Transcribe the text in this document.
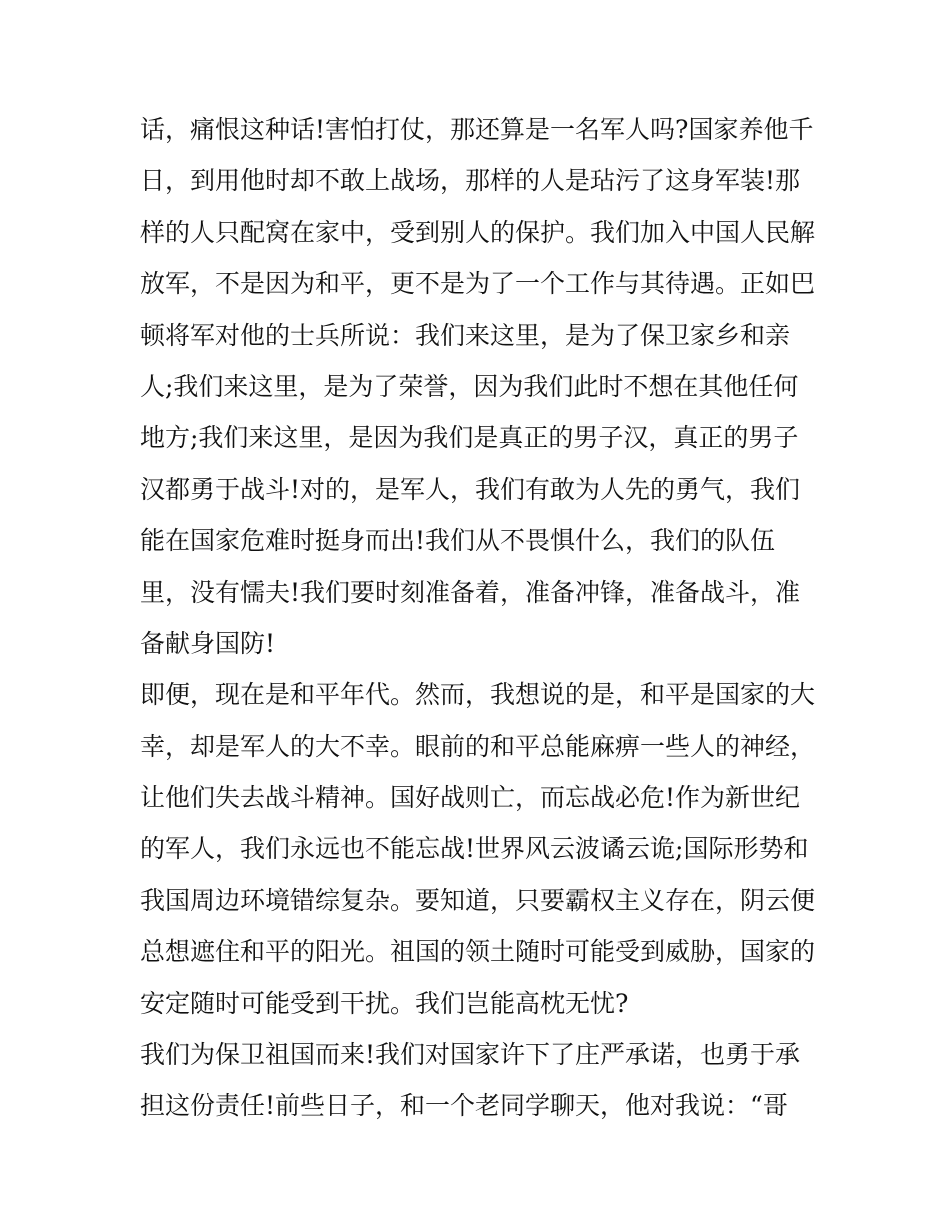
话，痛恨这种话!害怕打仗，那还算是一名军人吗?国家养他千

日，到用他时却不敢上战场，那样的人是玷污了这身军装!那

样的人只配窝在家中，受到别人的保护。我们加入中国人民解

放军，不是因为和平，更不是为了一个工作与其待遇。正如巴

顿将军对他的士兵所说：我们来这里，是为了保卫家乡和亲

人;我们来这里，是为了荣誉，因为我们此时不想在其他任何

地方;我们来这里，是因为我们是真正的男子汉，真正的男子

汉都勇于战斗!对的，是军人，我们有敢为人先的勇气，我们

能在国家危难时挺身而出!我们从不畏惧什么，我们的队伍

里，没有懦夫!我们要时刻准备着，准备冲锋，准备战斗，准

备献身国防!

即便，现在是和平年代。然而，我想说的是，和平是国家的大

幸，却是军人的大不幸。眼前的和平总能麻痹一些人的神经，

让他们失去战斗精神。国好战则亡，而忘战必危!作为新世纪

的军人，我们永远也不能忘战!世界风云波谲云诡;国际形势和

我国周边环境错综复杂。要知道，只要霸权主义存在，阴云便

总想遮住和平的阳光。祖国的领土随时可能受到威胁，国家的

安定随时可能受到干扰。我们岂能高枕无忧?

我们为保卫祖国而来!我们对国家许下了庄严承诺，也勇于承

担这份责任!前些日子，和一个老同学聊天，他对我说：“哥
